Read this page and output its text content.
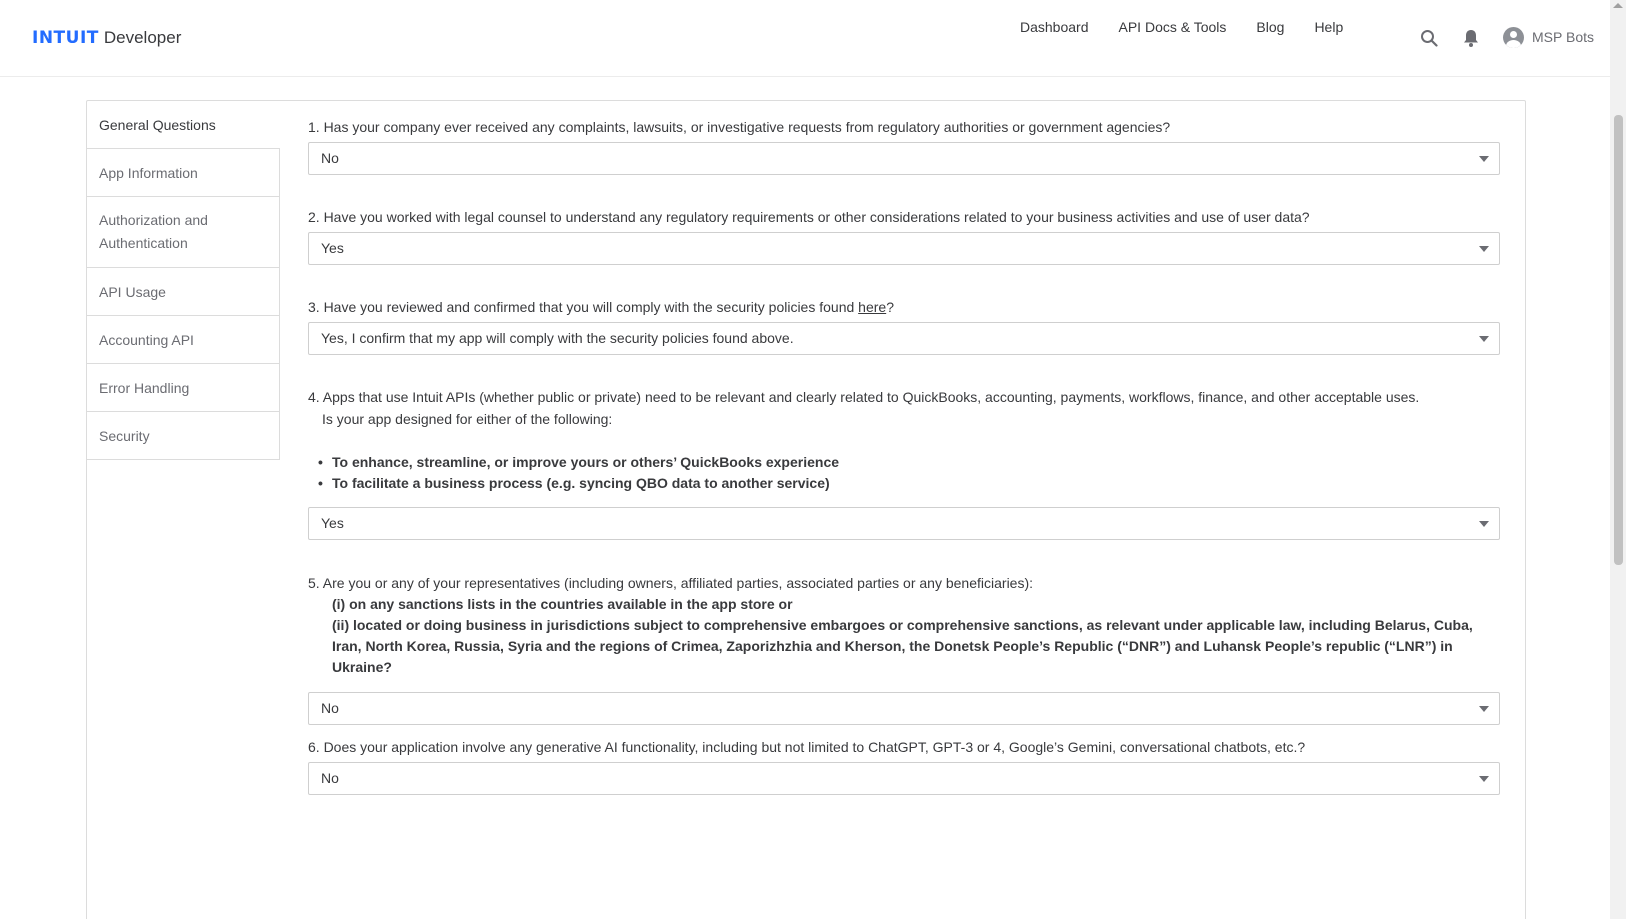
INTUIT Developer
Dashboard API Docs & Tools Blog Help
MSP Bots
General Questions
App Information
Authorization and Authentication
API Usage
Accounting API
Error Handling
Security
1. Has your company ever received any complaints, lawsuits, or investigative requests from regulatory authorities or government agencies?
No
2. Have you worked with legal counsel to understand any regulatory requirements or other considerations related to your business activities and use of user data?
Yes
3. Have you reviewed and confirmed that you will comply with the security policies found here?
Yes, I confirm that my app will comply with the security policies found above.
4. Apps that use Intuit APIs (whether public or private) need to be relevant and clearly related to QuickBooks, accounting, payments, workflows, finance, and other acceptable uses.
Is your app designed for either of the following:
• To enhance, streamline, or improve yours or others’ QuickBooks experience
• To facilitate a business process (e.g. syncing QBO data to another service)
Yes
5. Are you or any of your representatives (including owners, affiliated parties, associated parties or any beneficiaries):
(i) on any sanctions lists in the countries available in the app store or
(ii) located or doing business in jurisdictions subject to comprehensive embargoes or comprehensive sanctions, as relevant under applicable law, including Belarus, Cuba, Iran, North Korea, Russia, Syria and the regions of Crimea, Zaporizhzhia and Kherson, the Donetsk People’s Republic (“DNR”) and Luhansk People’s republic (“LNR”) in Ukraine?
No
6. Does your application involve any generative AI functionality, including but not limited to ChatGPT, GPT-3 or 4, Google’s Gemini, conversational chatbots, etc.?
No
